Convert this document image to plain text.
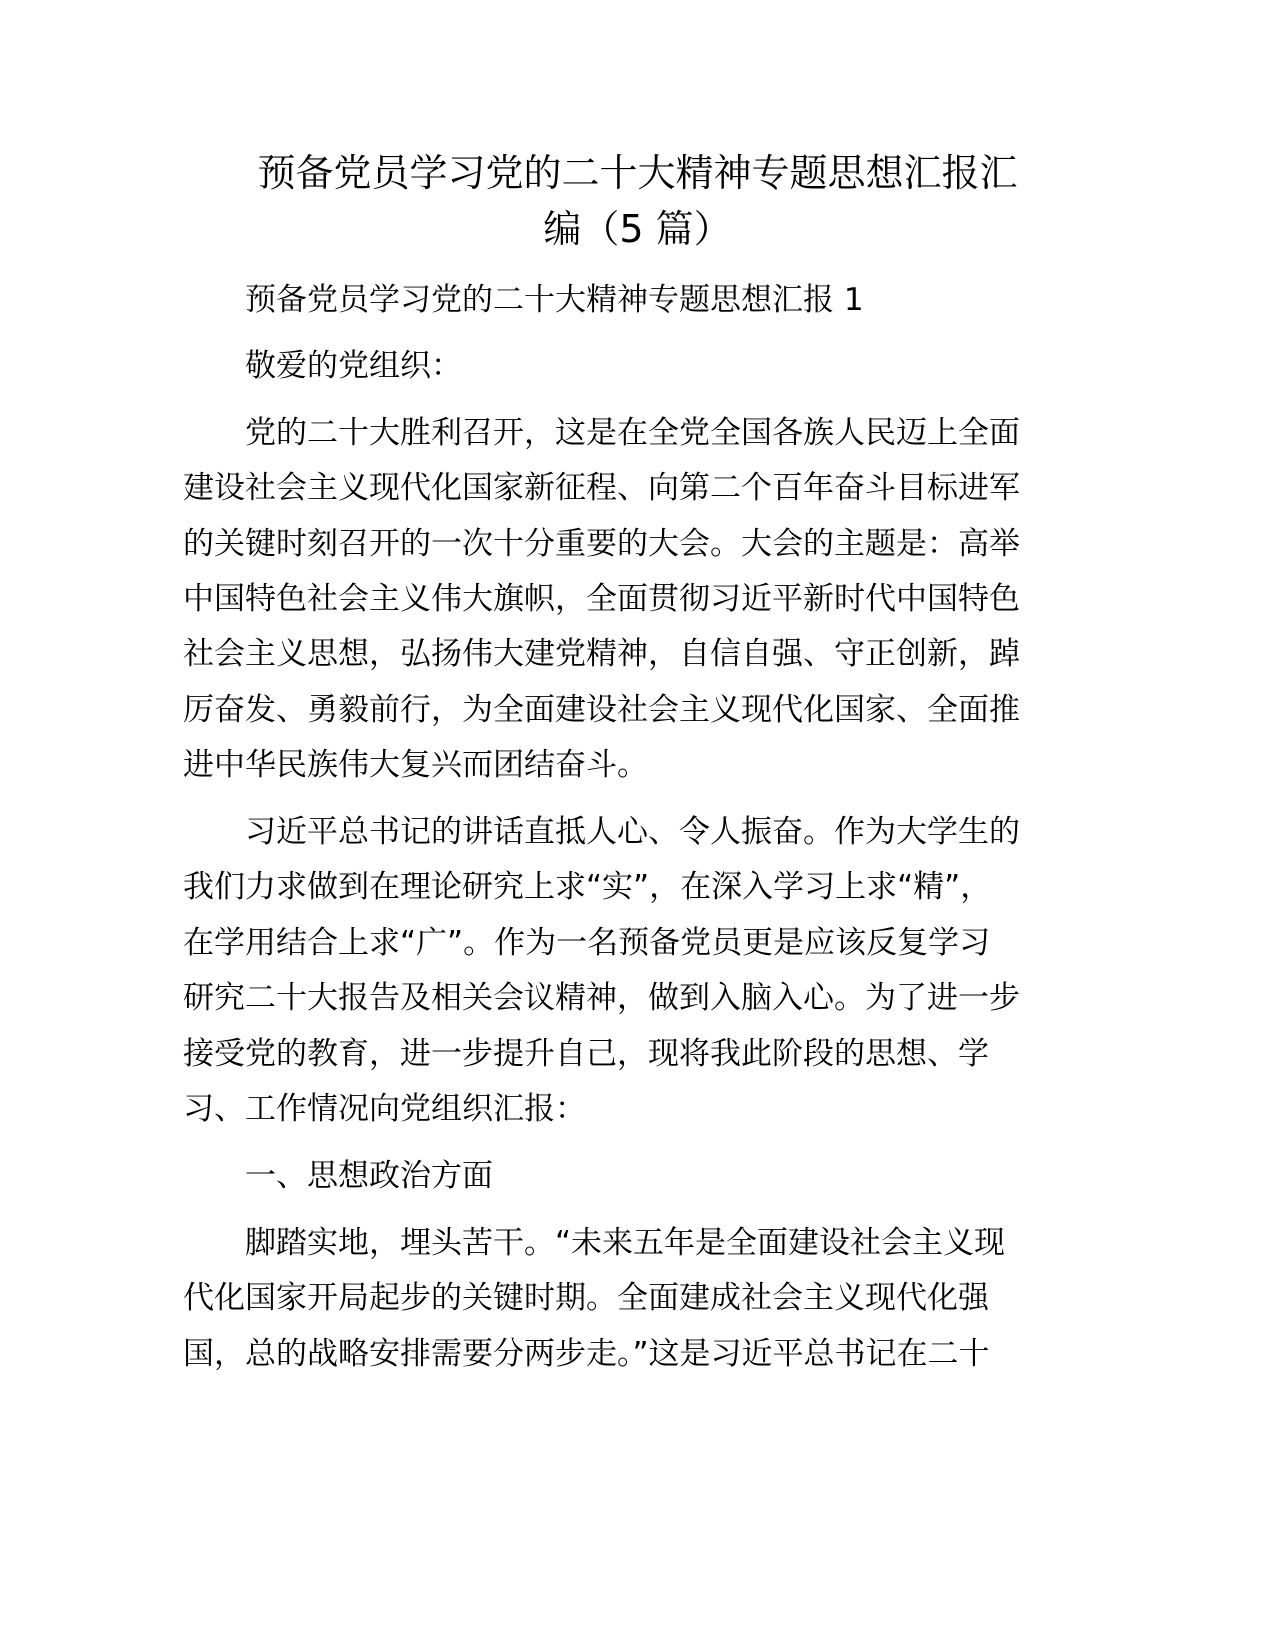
预备党员学习党的二十大精神专题思想汇报汇
编（5 篇）

预备党员学习党的二十大精神专题思想汇报 1

敬爱的党组织：

党的二十大胜利召开，这是在全党全国各族人民迈上全面

建设社会主义现代化国家新征程、向第二个百年奋斗目标进军

的关键时刻召开的一次十分重要的大会。大会的主题是：高举

中国特色社会主义伟大旗帜，全面贯彻习近平新时代中国特色

社会主义思想，弘扬伟大建党精神，自信自强、守正创新，踔

厉奋发、勇毅前行，为全面建设社会主义现代化国家、全面推

进中华民族伟大复兴而团结奋斗。

习近平总书记的讲话直抵人心、令人振奋。作为大学生的

我们力求做到在理论研究上求“实”，在深入学习上求“精”，

在学用结合上求“广”。作为一名预备党员更是应该反复学习

研究二十大报告及相关会议精神，做到入脑入心。为了进一步

接受党的教育，进一步提升自己，现将我此阶段的思想、学

习、工作情况向党组织汇报：

一、思想政治方面

脚踏实地，埋头苦干。“未来五年是全面建设社会主义现

代化国家开局起步的关键时期。全面建成社会主义现代化强

国，总的战略安排需要分两步走。”这是习近平总书记在二十
